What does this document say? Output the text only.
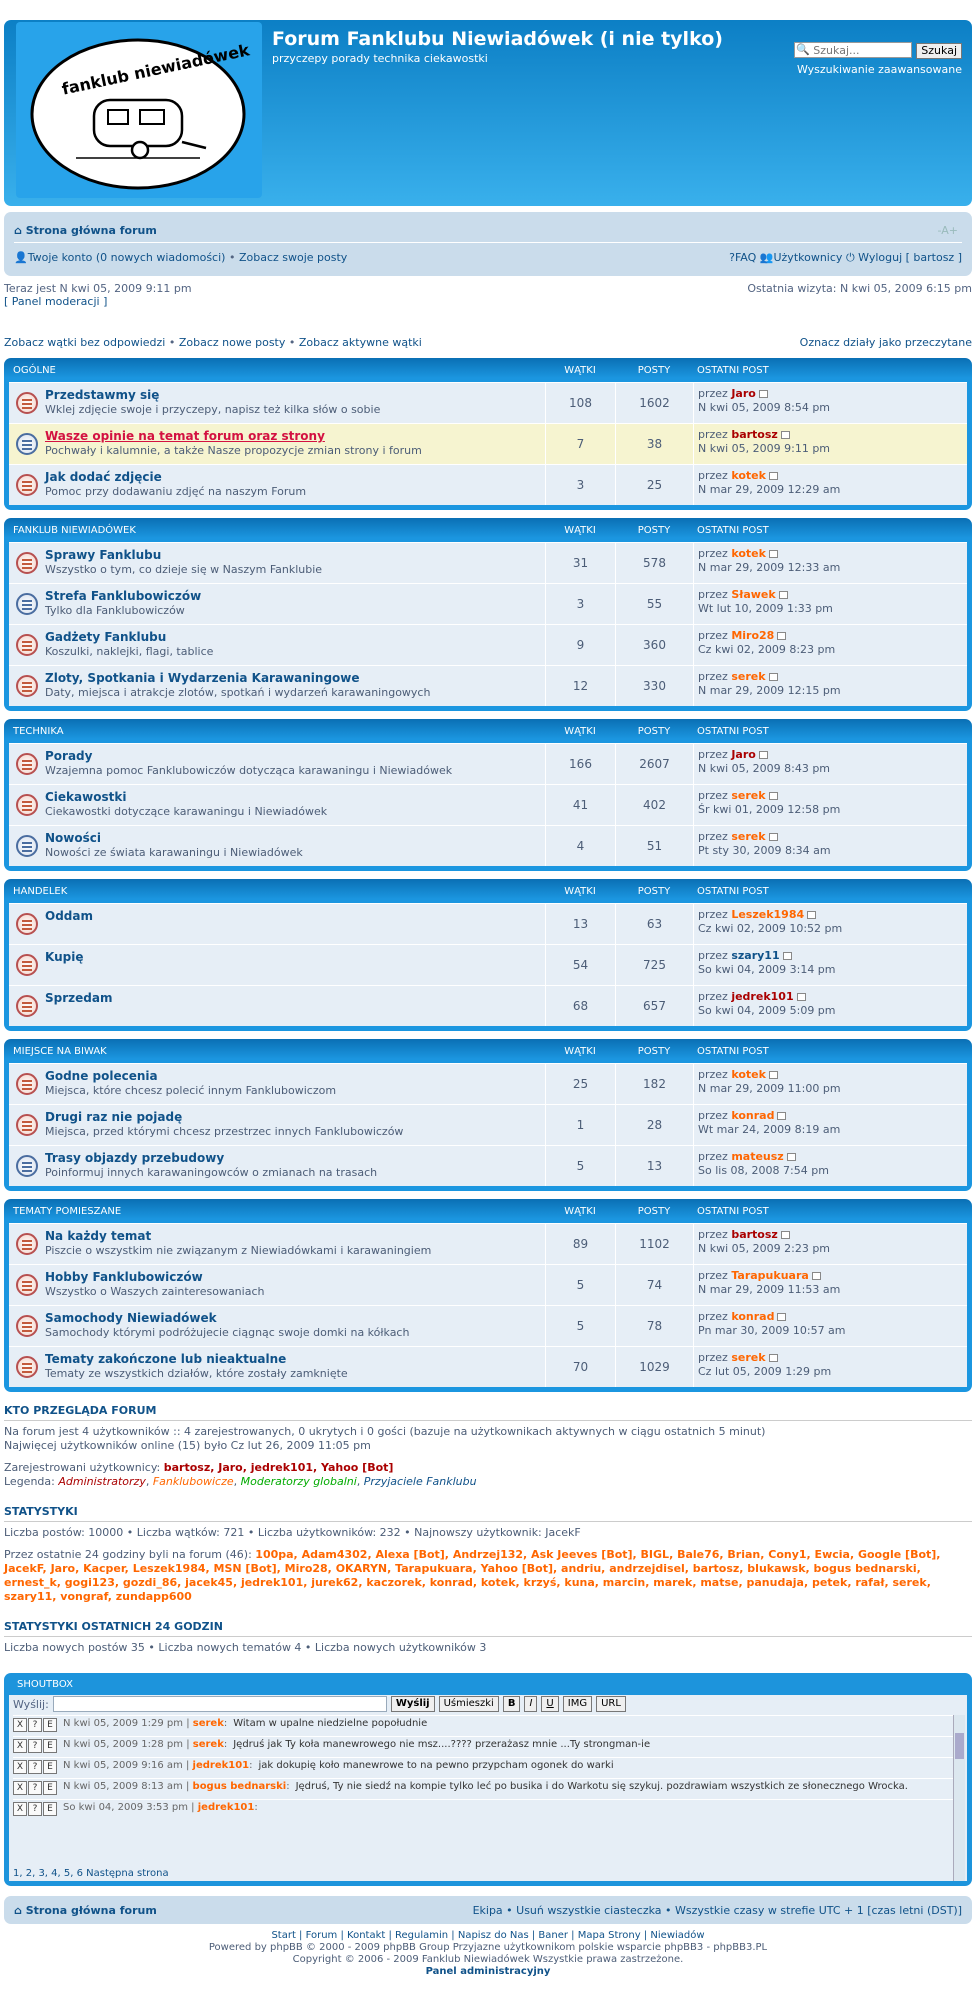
fanklub niewiadówek
Forum Fanklubu Niewiadówek (i nie tylko)
przyczepy porady technika ciekawostki
🔍
Szukaj...	Szukaj
Wyszukiwanie zaawansowane
⌂ Strona główna forum	-A+
👤Twoje konto (0 nowych wiadomości) • Zobacz swoje posty	?FAQ 👥Użytkownicy ⏻ Wyloguj [ bartosz ]
Teraz jest N kwi 05, 2009 9:11 pm
[ Panel moderacji ]
Ostatnia wizyta: N kwi 05, 2009 6:15 pm
Zobacz wątki bez odpowiedzi • Zobacz nowe posty • Zobacz aktywne wątki	Oznacz działy jako przeczytane
OGÓLNE	WĄTKI	POSTY	OSTATNI POST
Przedstawmy się
Wklej zdjęcie swoje i przyczepy, napisz też kilka słów o sobie	108	1602
przez Jaro
N kwi 05, 2009 8:54 pm
Wasze opinie na temat forum oraz strony
Pochwały i kalumnie, a także Nasze propozycje zmian strony i forum	7	38
przez bartosz
N kwi 05, 2009 9:11 pm
Jak dodać zdjęcie
Pomoc przy dodawaniu zdjęć na naszym Forum	3	25
przez kotek
N mar 29, 2009 12:29 am
FANKLUB NIEWIADÓWEK	WĄTKI	POSTY	OSTATNI POST
Sprawy Fanklubu
Wszystko o tym, co dzieje się w Naszym Fanklubie	31	578
przez kotek
N mar 29, 2009 12:33 am
Strefa Fanklubowiczów
Tylko dla Fanklubowiczów	3	55
przez Sławek
Wt lut 10, 2009 1:33 pm
Gadżety Fanklubu
Koszulki, naklejki, flagi, tablice	9	360
przez Miro28
Cz kwi 02, 2009 8:23 pm
Zloty, Spotkania i Wydarzenia Karawaningowe
Daty, miejsca i atrakcje zlotów, spotkań i wydarzeń karawaningowych	12	330
przez serek
N mar 29, 2009 12:15 pm
TECHNIKA	WĄTKI	POSTY	OSTATNI POST
Porady
Wzajemna pomoc Fanklubowiczów dotycząca karawaningu i Niewiadówek	166	2607
przez Jaro
N kwi 05, 2009 8:43 pm
Ciekawostki
Ciekawostki dotyczące karawaningu i Niewiadówek	41	402
przez serek
Śr kwi 01, 2009 12:58 pm
Nowości
Nowości ze świata karawaningu i Niewiadówek	4	51
przez serek
Pt sty 30, 2009 8:34 am
HANDELEK	WĄTKI	POSTY	OSTATNI POST
Oddam
13	63
przez Leszek1984
Cz kwi 02, 2009 10:52 pm
Kupię
54	725
przez szary11
So kwi 04, 2009 3:14 pm
Sprzedam
68	657
przez jedrek101
So kwi 04, 2009 5:09 pm
MIEJSCE NA BIWAK	WĄTKI	POSTY	OSTATNI POST
Godne polecenia
Miejsca, które chcesz polecić innym Fanklubowiczom	25	182
przez kotek
N mar 29, 2009 11:00 pm
Drugi raz nie pojadę
Miejsca, przed którymi chcesz przestrzec innych Fanklubowiczów	1	28
przez konrad
Wt mar 24, 2009 8:19 am
Trasy objazdy przebudowy
Poinformuj innych karawaningowców o zmianach na trasach	5	13
przez mateusz
So lis 08, 2008 7:54 pm
TEMATY POMIESZANE	WĄTKI	POSTY	OSTATNI POST
Na każdy temat
Piszcie o wszystkim nie związanym z Niewiadówkami i karawaningiem	89	1102
przez bartosz
N kwi 05, 2009 2:23 pm
Hobby Fanklubowiczów
Wszystko o Waszych zainteresowaniach	5	74
przez Tarapukuara
N mar 29, 2009 11:53 am
Samochody Niewiadówek
Samochody którymi podróżujecie ciągnąc swoje domki na kółkach	5	78
przez konrad
Pn mar 30, 2009 10:57 am
Tematy zakończone lub nieaktualne
Tematy ze wszystkich działów, które zostały zamknięte	70	1029
przez serek
Cz lut 05, 2009 1:29 pm
KTO PRZEGLĄDA FORUM

Na forum jest 4 użytkowników :: 4 zarejestrowanych, 0 ukrytych i 0 gości (bazuje na użytkownikach aktywnych w ciągu ostatnich 5 minut)

Najwięcej użytkowników online (15) było Cz lut 26, 2009 11:05 pm

Zarejestrowani użytkownicy: bartosz, Jaro, jedrek101, Yahoo [Bot]

Legenda: Administratorzy, Fanklubowicze, Moderatorzy globalni, Przyjaciele Fanklubu

STATYSTYKI

Liczba postów: 10000 • Liczba wątków: 721 • Liczba użytkowników: 232 • Najnowszy użytkownik: JacekF

Przez ostatnie 24 godziny byli na forum (46): 100pa, Adam4302, Alexa [Bot], Andrzej132, Ask Jeeves [Bot], BIGL, Bale76, Brian, Cony1, Ewcia, Google [Bot], JacekF, Jaro, Kacper, Leszek1984, MSN [Bot], Miro28, OKARYN, Tarapukuara, Yahoo [Bot], andriu, andrzejdisel, bartosz, blukawsk, bogus bednarski, ernest_k, gogi123, gozdi_86, jacek45, jedrek101, jurek62, kaczorek, konrad, kotek, krzyś, kuna, marcin, marek, matse, panudaja, petek, rafał, serek, szary11, vongraf, zundapp600

STATYSTYKI OSTATNICH 24 GODZIN

Liczba nowych postów 35 • Liczba nowych tematów 4 • Liczba nowych użytkowników 3

SHOUTBOX
Wyślij:	Wyślij	Uśmieszki	B	I	U	IMG	URL
X	?	E	N kwi 05, 2009 1:29 pm | serek: Witam w upalne niedzielne popołudnie
X	?	E	N kwi 05, 2009 1:28 pm | serek: Jędruś jak Ty koła manewrowego nie msz....???? przerażasz mnie ...Ty strongman-ie
X	?	E	N kwi 05, 2009 9:16 am | jedrek101: jak dokupię koło manewrowe to na pewno przypcham ogonek do warki
X	?	E	N kwi 05, 2009 8:13 am | bogus bednarski: Jędruś, Ty nie siedź na kompie tylko leć po busika i do Warkotu się szykuj. pozdrawiam wszystkich ze słonecznego Wrocka.
X	?	E	So kwi 04, 2009 3:53 pm | jedrek101:
1, 2, 3, 4, 5, 6 Następna strona
⌂ Strona główna forum	Ekipa • Usuń wszystkie ciasteczka • Wszystkie czasy w strefie UTC + 1 [czas letni (DST)]
Start | Forum | Kontakt | Regulamin | Napisz do Nas | Baner | Mapa Strony | Niewiadów
Powered by phpBB © 2000 - 2009 phpBB Group Przyjazne użytkownikom polskie wsparcie phpBB3 - phpBB3.PL
Copyright © 2006 - 2009 Fanklub Niewiadówek Wszystkie prawa zastrzeżone.
Panel administracyjny
